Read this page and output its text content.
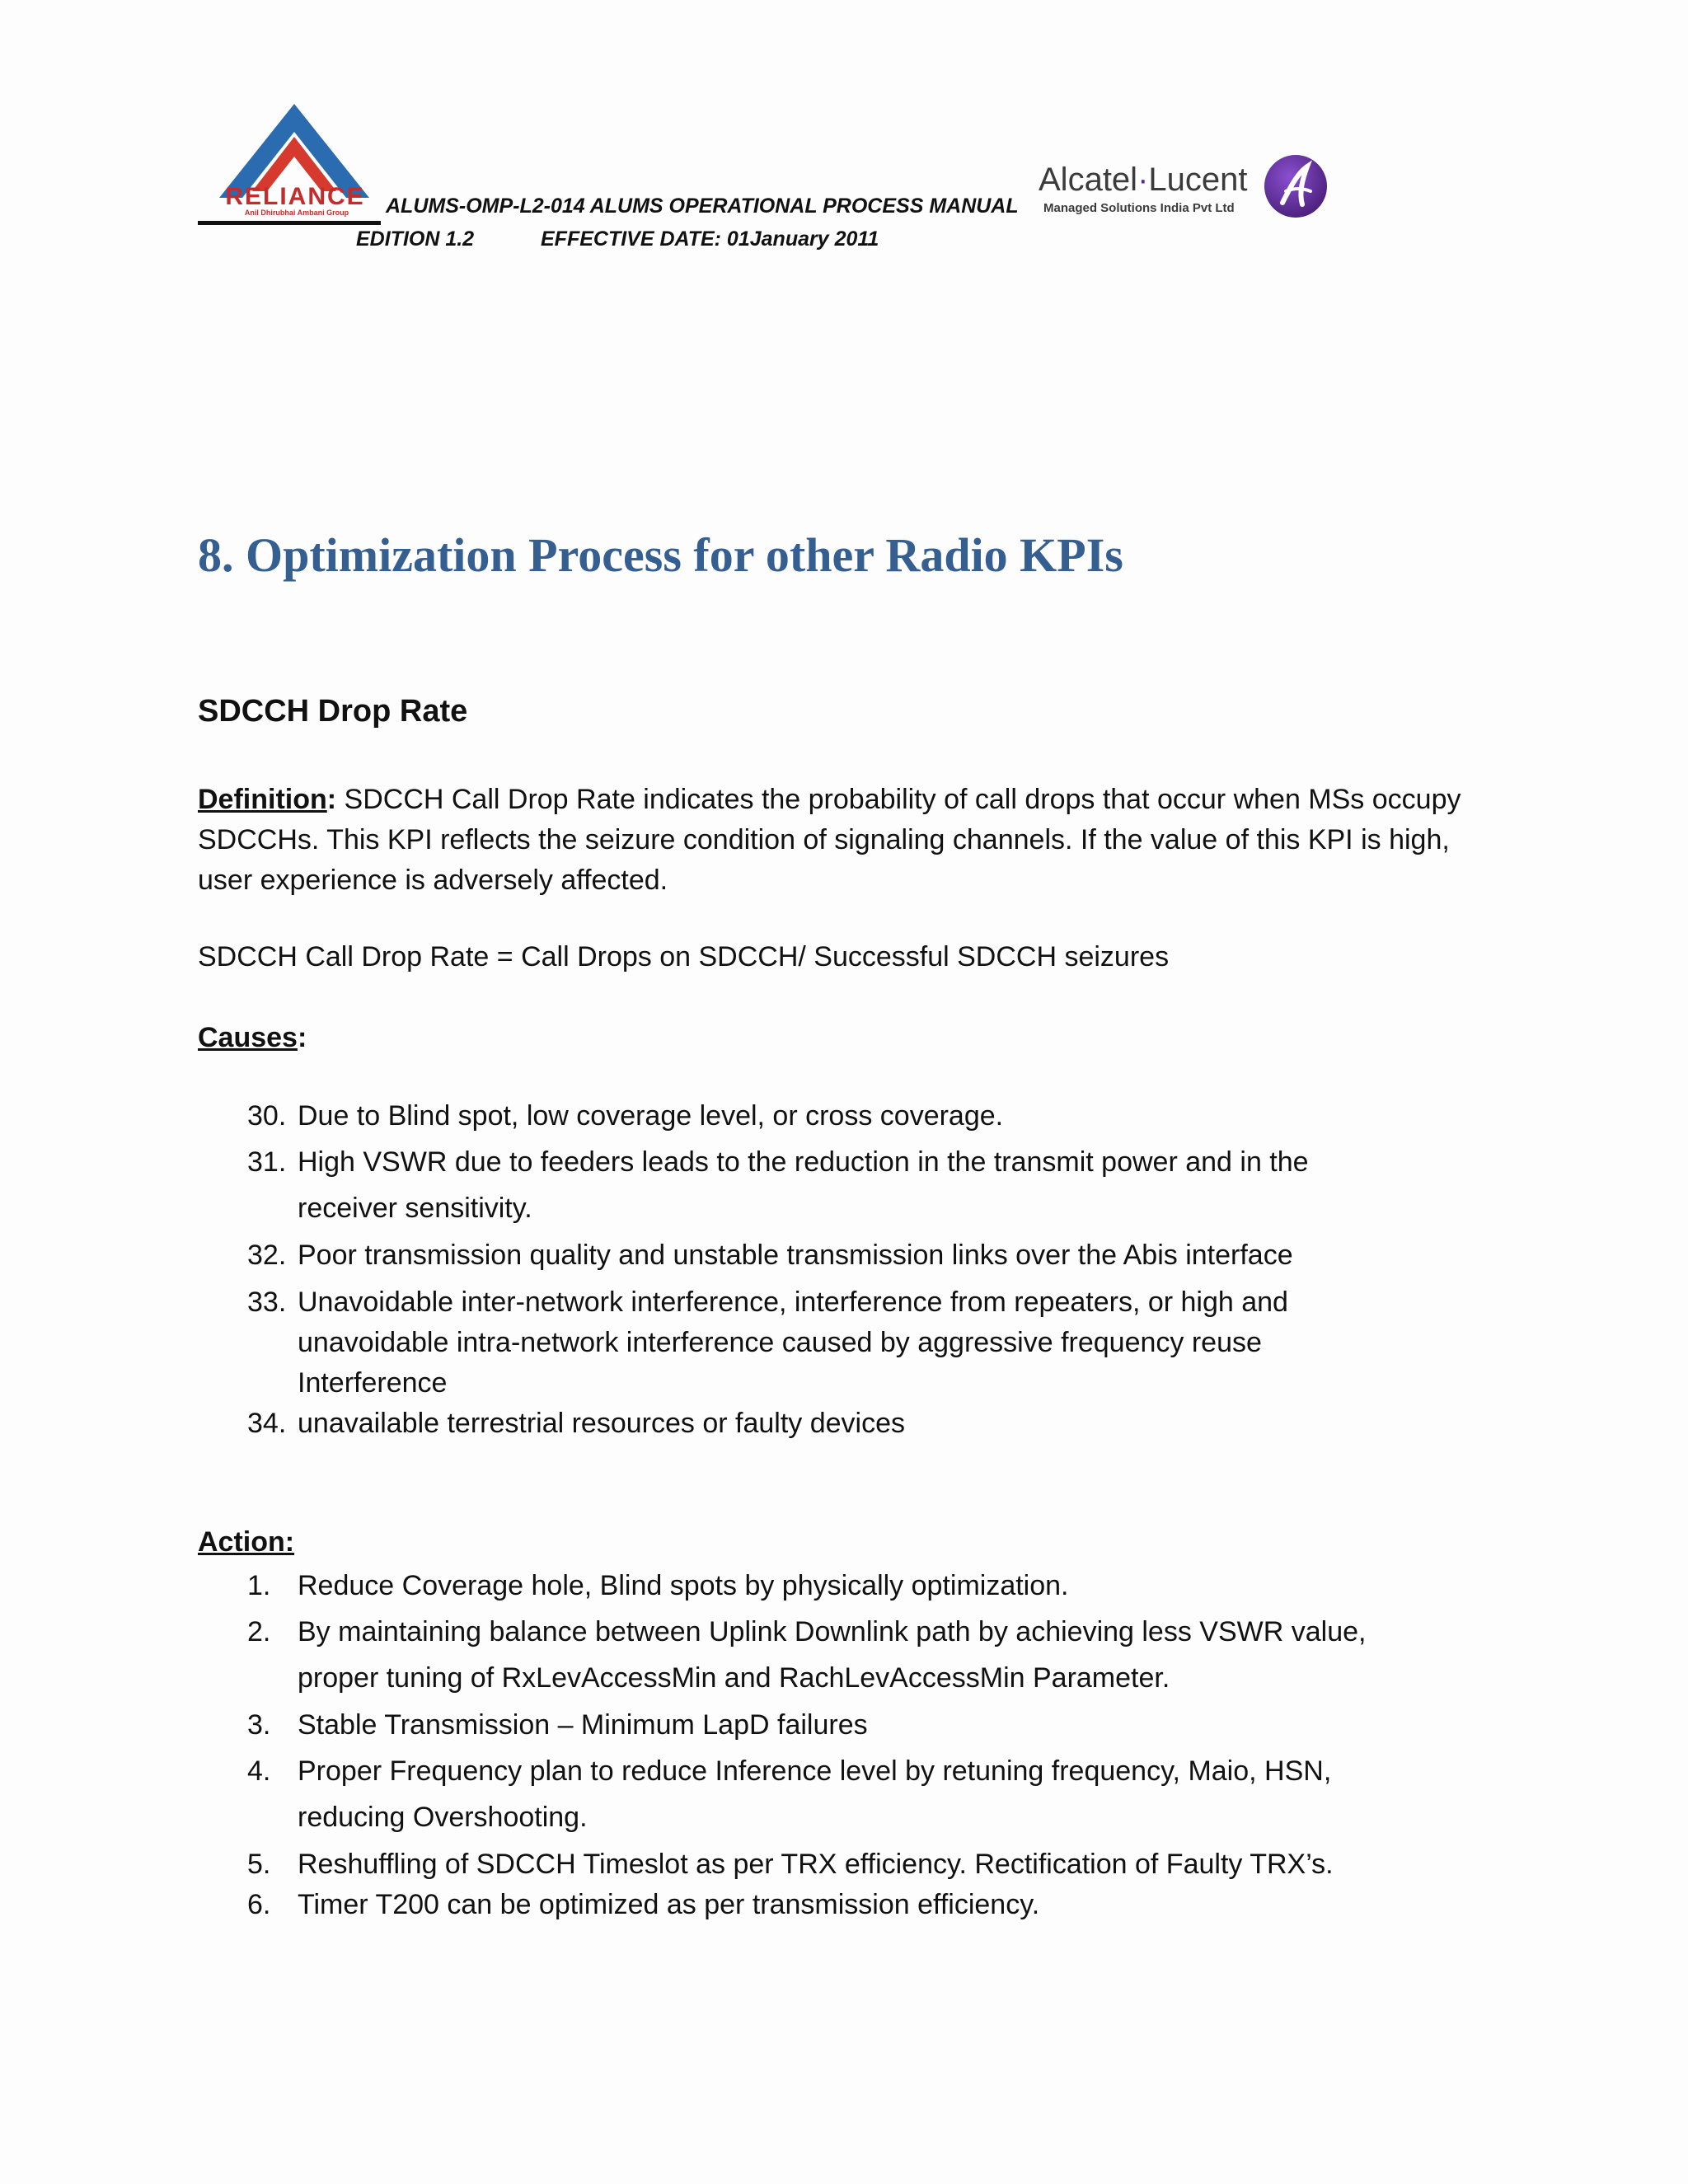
RELIANCE
Anil Dhirubhai Ambani Group	ALUMS-OMP-L2-014 ALUMS OPERATIONAL PROCESS MANUAL
EDITION 1.2	EFFECTIVE DATE: 01January 2011
Alcatel·Lucent
Managed Solutions India Pvt Ltd
8. Optimization Process for other Radio KPIs
SDCCH Drop Rate
Definition: SDCCH Call Drop Rate indicates the probability of call drops that occur when MSs occupy SDCCHs. This KPI reflects the seizure condition of signaling channels. If the value of this KPI is high, user experience is adversely affected.
SDCCH Call Drop Rate = Call Drops on SDCCH/ Successful SDCCH seizures
Causes:
30. Due to Blind spot, low coverage level, or cross coverage.
31. High VSWR due to feeders leads to the reduction in the transmit power and in the
receiver sensitivity.
32. Poor transmission quality and unstable transmission links over the Abis interface
33. Unavoidable inter-network interference, interference from repeaters, or high and
unavoidable intra-network interference caused by aggressive frequency reuse
Interference
34. unavailable terrestrial resources or faulty devices
Action:
1. Reduce Coverage hole, Blind spots by physically optimization.
2. By maintaining balance between Uplink Downlink path by achieving less VSWR value,
proper tuning of RxLevAccessMin and RachLevAccessMin Parameter.
3. Stable Transmission – Minimum LapD failures
4. Proper Frequency plan to reduce Inference level by retuning frequency, Maio, HSN,
reducing Overshooting.
5. Reshuffling of SDCCH Timeslot as per TRX efficiency. Rectification of Faulty TRX’s.
6. Timer T200 can be optimized as per transmission efficiency.
